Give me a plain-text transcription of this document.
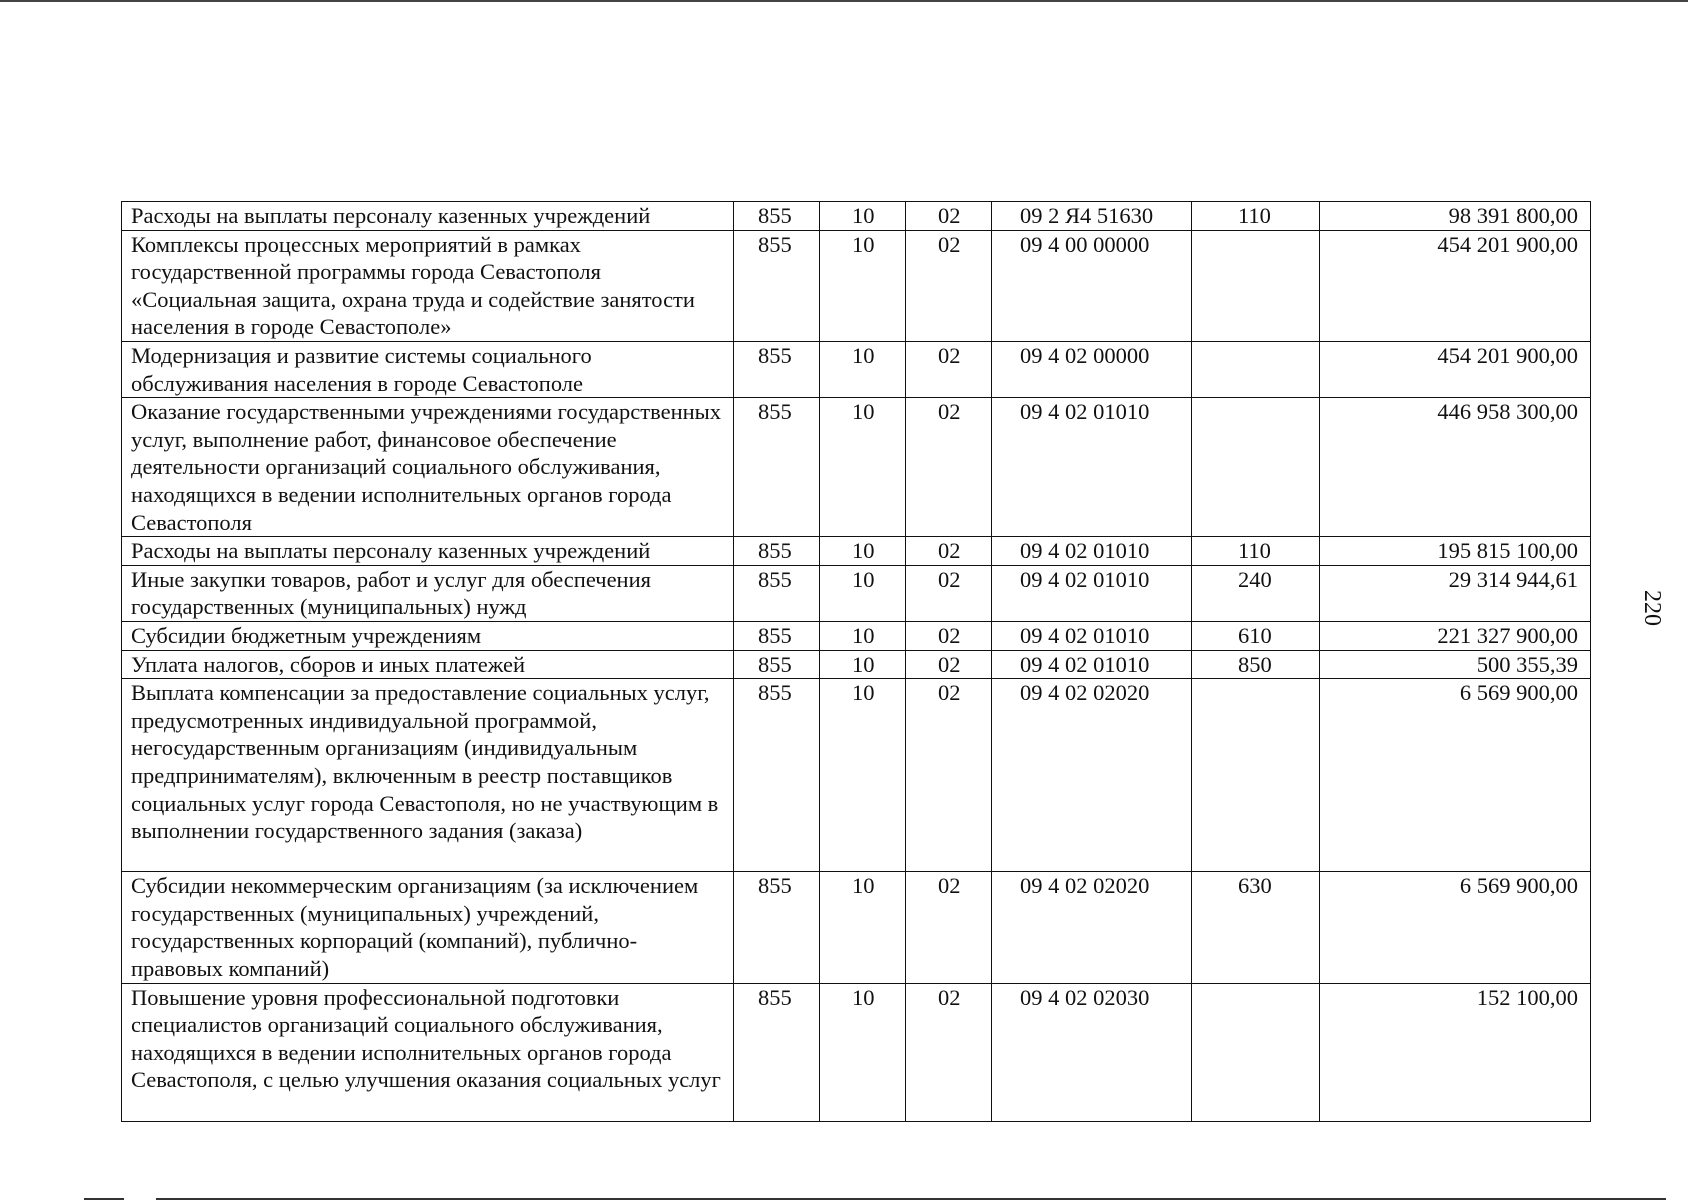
Расходы на выплаты персоналу казенных учреждений	855	10	02	09 2 Я4 51630	110	98 391 800,00
Комплексы процессных мероприятий в рамках государственной программы города Севастополя «Социальная защита, охрана труда и содействие занятости населения в городе Севастополе»	855	10	02	09 4 00 00000		454 201 900,00
Модернизация и развитие системы социального обслуживания населения в городе Севастополе	855	10	02	09 4 02 00000		454 201 900,00
Оказание государственными учреждениями государственных услуг, выполнение работ, финансовое обеспечение деятельности организаций социального обслуживания, находящихся в ведении исполнительных органов города Севастополя	855	10	02	09 4 02 01010		446 958 300,00
Расходы на выплаты персоналу казенных учреждений	855	10	02	09 4 02 01010	110	195 815 100,00
Иные закупки товаров, работ и услуг для обеспечения государственных (муниципальных) нужд	855	10	02	09 4 02 01010	240	29 314 944,61
Субсидии бюджетным учреждениям	855	10	02	09 4 02 01010	610	221 327 900,00
Уплата налогов, сборов и иных платежей	855	10	02	09 4 02 01010	850	500 355,39
Выплата компенсации за предоставление социальных услуг, предусмотренных индивидуальной программой, негосударственным организациям (индивидуальным предпринимателям), включенным в реестр поставщиков социальных услуг города Севастополя, но не участвующим в выполнении государственного задания (заказа)	855	10	02	09 4 02 02020		6 569 900,00
Субсидии некоммерческим организациям (за исключением государственных (муниципальных) учреждений, государственных корпораций (компаний), публично-правовых компаний)	855	10	02	09 4 02 02020	630	6 569 900,00
Повышение уровня профессиональной подготовки специалистов организаций социального обслуживания, находящихся в ведении исполнительных органов города Севастополя, с целью улучшения оказания социальных услуг	855	10	02	09 4 02 02030		152 100,00
220
